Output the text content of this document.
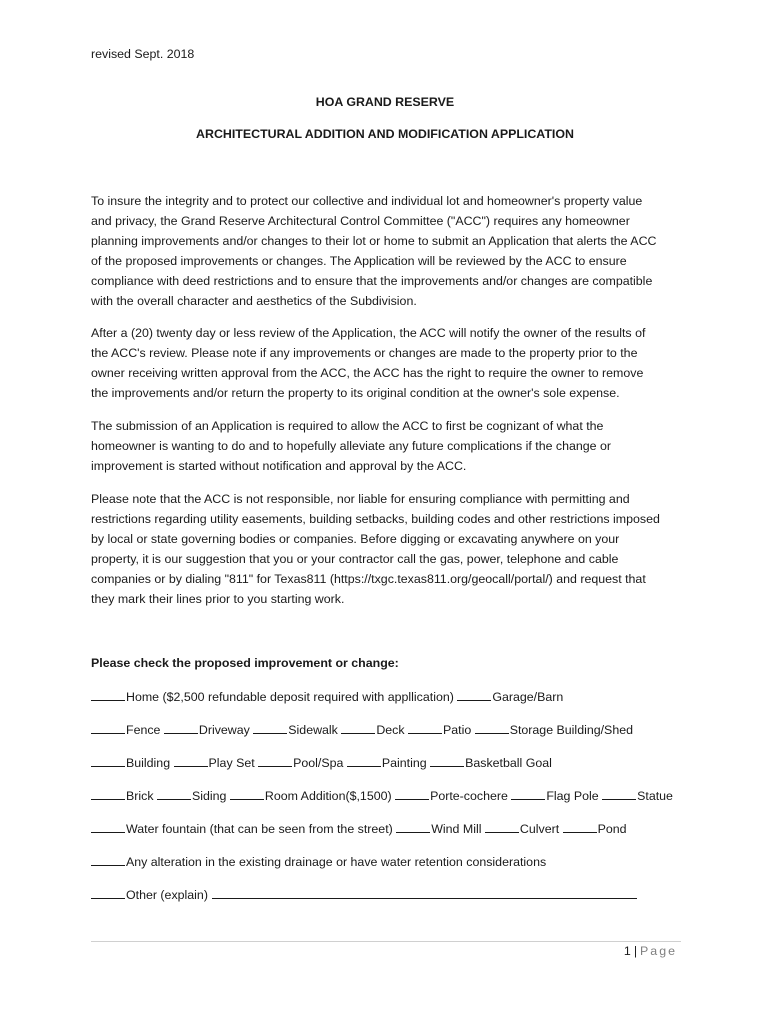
revised Sept. 2018
HOA GRAND RESERVE
ARCHITECTURAL ADDITION AND MODIFICATION APPLICATION
To insure the integrity and to protect our collective and individual lot and homeowner's property value
and privacy, the Grand Reserve Architectural Control Committee ("ACC") requires any homeowner
planning improvements and/or changes to their lot or home to submit an Application that alerts the ACC
of the proposed improvements or changes. The Application will be reviewed by the ACC to ensure
compliance with deed restrictions and to ensure that the improvements and/or changes are compatible
with the overall character and aesthetics of the Subdivision.
After a (20) twenty day or less review of the Application, the ACC will notify the owner of the results of
the ACC's review. Please note if any improvements or changes are made to the property prior to the
owner receiving written approval from the ACC, the ACC has the right to require the owner to remove
the improvements and/or return the property to its original condition at the owner's sole expense.
The submission of an Application is required to allow the ACC to first be cognizant of what the
homeowner is wanting to do and to hopefully alleviate any future complications if the change or
improvement is started without notification and approval by the ACC.
Please note that the ACC is not responsible, nor liable for ensuring compliance with permitting and
restrictions regarding utility easements, building setbacks, building codes and other restrictions imposed
by local or state governing bodies or companies. Before digging or excavating anywhere on your
property, it is our suggestion that you or your contractor call the gas, power, telephone and cable
companies or by dialing "811" for Texas811 (https://txgc.texas811.org/geocall/portal/) and request that
they mark their lines prior to you starting work.
Please check the proposed improvement or change:
Home ($2,500 refundable deposit required with appllication)	Garage/Barn
Fence	Driveway	Sidewalk	Deck	Patio	Storage Building/Shed
Building	Play Set	Pool/Spa	Painting	Basketball Goal
Brick	Siding	Room Addition($,1500)	Porte-cochere	Flag Pole	Statue
Water fountain (that can be seen from the street)	Wind Mill	Culvert	Pond
Any alteration in the existing drainage or have water retention considerations
Other (explain)
1 | Page
